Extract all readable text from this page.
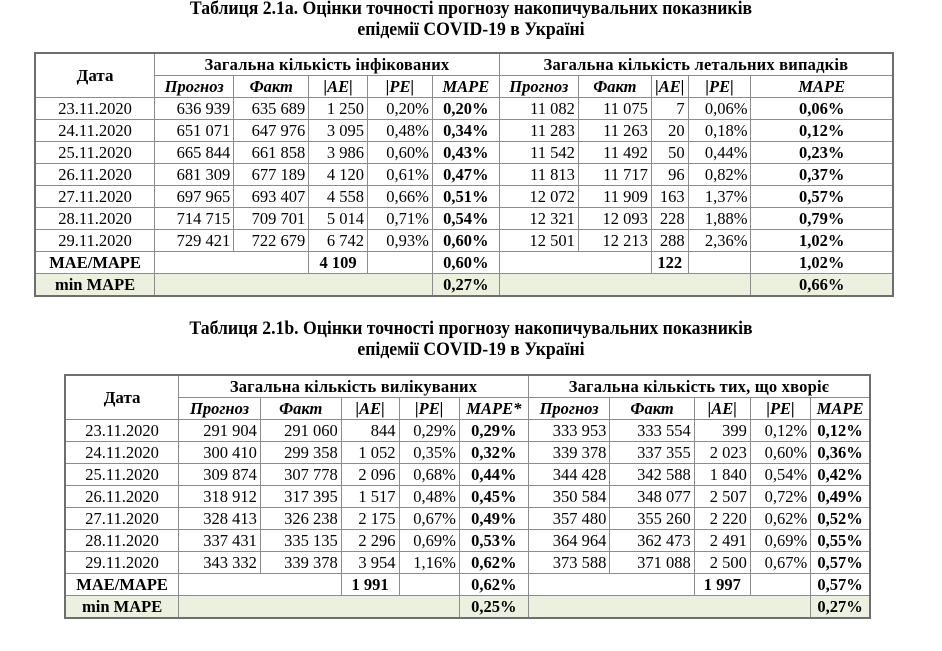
Таблиця 2.1a. Оцінки точності прогнозу накопичувальних показників
епідемії COVID-19 в Україні
Дата	Загальна кількість інфікованих					Загальна кількість летальних випадків				
	Прогноз	Факт	|AE|	|PE|	MAPE	Прогноз	Факт	|AE|	|PE|	MAPE
23.11.2020	636 939	635 689	1 250	0,20%	0,20%	11 082	11 075	7	0,06%	0,06%
24.11.2020	651 071	647 976	3 095	0,48%	0,34%	11 283	11 263	20	0,18%	0,12%
25.11.2020	665 844	661 858	3 986	0,60%	0,43%	11 542	11 492	50	0,44%	0,23%
26.11.2020	681 309	677 189	4 120	0,61%	0,47%	11 813	11 717	96	0,82%	0,37%
27.11.2020	697 965	693 407	4 558	0,66%	0,51%	12 072	11 909	163	1,37%	0,57%
28.11.2020	714 715	709 701	5 014	0,71%	0,54%	12 321	12 093	228	1,88%	0,79%
29.11.2020	729 421	722 679	6 742	0,93%	0,60%	12 501	12 213	288	2,36%	1,02%
MAE/MAPE			4 109		0,60%			122		1,02%
min MAPE					0,27%					0,66%
Таблиця 2.1b. Оцінки точності прогнозу накопичувальних показників
епідемії COVID-19 в Україні
Дата	Загальна кількість вилікуваних					Загальна кількість тих, що хворіє				
	Прогноз	Факт	|AE|	|PE|	MAPE*	Прогноз	Факт	|AE|	|PE|	MAPE
23.11.2020	291 904	291 060	844	0,29%	0,29%	333 953	333 554	399	0,12%	0,12%
24.11.2020	300 410	299 358	1 052	0,35%	0,32%	339 378	337 355	2 023	0,60%	0,36%
25.11.2020	309 874	307 778	2 096	0,68%	0,44%	344 428	342 588	1 840	0,54%	0,42%
26.11.2020	318 912	317 395	1 517	0,48%	0,45%	350 584	348 077	2 507	0,72%	0,49%
27.11.2020	328 413	326 238	2 175	0,67%	0,49%	357 480	355 260	2 220	0,62%	0,52%
28.11.2020	337 431	335 135	2 296	0,69%	0,53%	364 964	362 473	2 491	0,69%	0,55%
29.11.2020	343 332	339 378	3 954	1,16%	0,62%	373 588	371 088	2 500	0,67%	0,57%
MAE/MAPE			1 991		0,62%			1 997		0,57%
min MAPE					0,25%					0,27%
